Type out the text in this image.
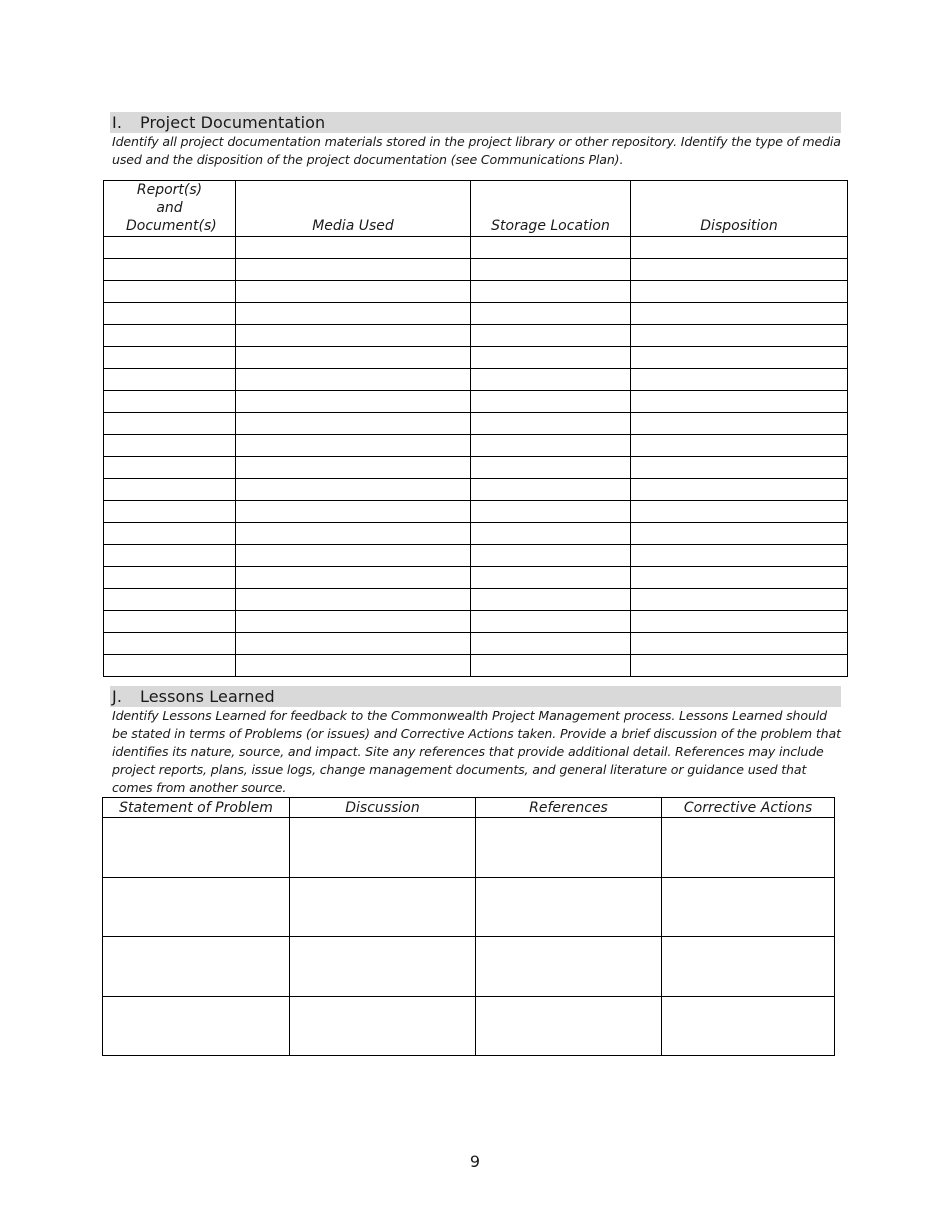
I. Project Documentation
Identify all project documentation materials stored in the project library or other repository. Identify the type of media used and the disposition of the project documentation (see Communications Plan).
Report(s) and Document(s)	Media Used	Storage Location	Disposition

J. Lessons Learned
Identify Lessons Learned for feedback to the Commonwealth Project Management process. Lessons Learned should be stated in terms of Problems (or issues) and Corrective Actions taken. Provide a brief discussion of the problem that identifies its nature, source, and impact. Site any references that provide additional detail. References may include project reports, plans, issue logs, change management documents, and general literature or guidance used that comes from another source.
Statement of Problem	Discussion	References	Corrective Actions

9
